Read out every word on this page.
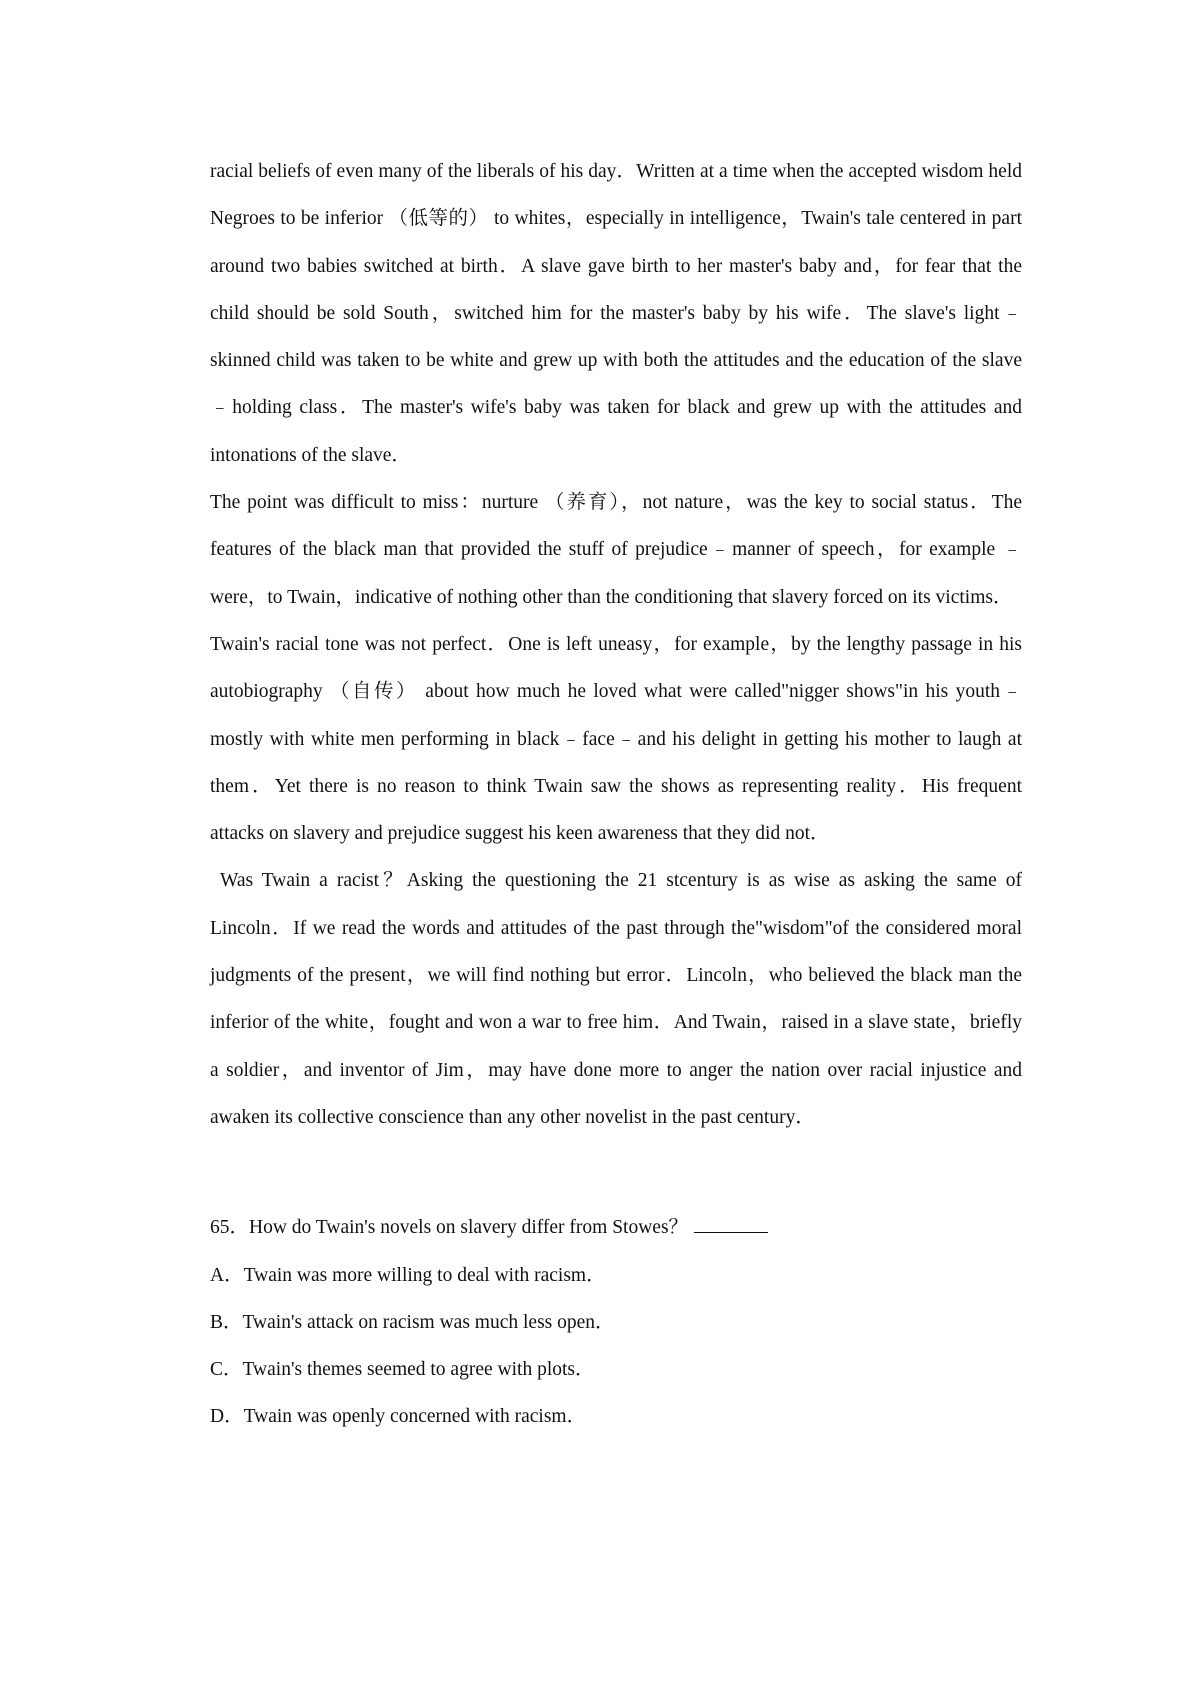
racial beliefs of even many of the liberals of his day．Written at a time when the accepted wisdom held Negroes to be inferior （低等的） to whites，especially in intelligence，Twain's tale centered in part around two babies switched at birth．A slave gave birth to her master's baby and，for fear that the child should be sold South，switched him for the master's baby by his wife．The slave's light﹣skinned child was taken to be white and grew up with both the attitudes and the education of the slave﹣holding class．The master's wife's baby was taken for black and grew up with the attitudes and intonations of the slave．

The point was difficult to miss：nurture （养育），not nature，was the key to social status．The features of the black man that provided the stuff of prejudice﹣manner of speech，for example ﹣were，to Twain，indicative of nothing other than the conditioning that slavery forced on its victims．

Twain's racial tone was not perfect．One is left uneasy，for example，by the lengthy passage in his autobiography （自传） about how much he loved what were called"nigger shows"in his youth﹣mostly with white men performing in black﹣face﹣and his delight in getting his mother to laugh at them．Yet there is no reason to think Twain saw the shows as representing reality．His frequent attacks on slavery and prejudice suggest his keen awareness that they did not．

Was Twain a racist？Asking the questioning the 21 stcentury is as wise as asking the same of Lincoln．If we read the words and attitudes of the past through the"wisdom"of the considered moral judgments of the present，we will find nothing but error．Lincoln，who believed the black man the inferior of the white，fought and won a war to free him．And Twain，raised in a slave state，briefly a soldier，and inventor of Jim，may have done more to anger the nation over racial injustice and awaken its collective conscience than any other novelist in the past century．

65．How do Twain's novels on slavery differ from Stowes？

A．Twain was more willing to deal with racism．

B．Twain's attack on racism was much less open．

C．Twain's themes seemed to agree with plots．

D．Twain was openly concerned with racism．
